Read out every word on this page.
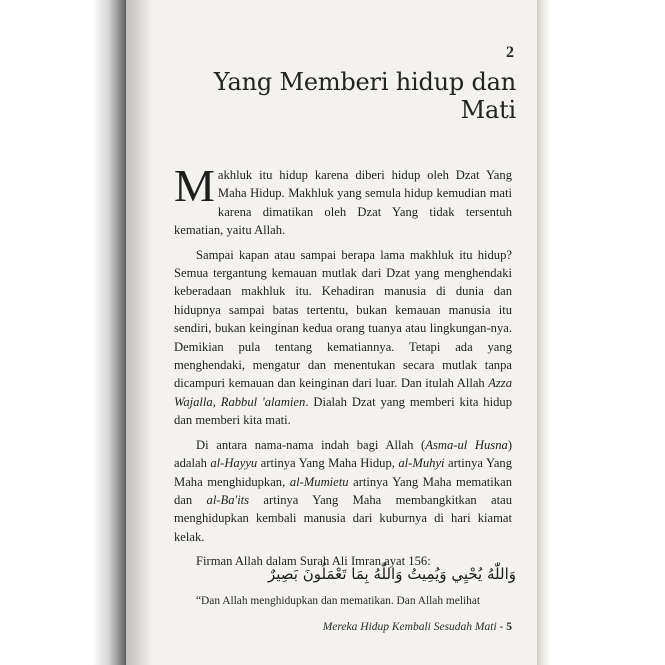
2
Yang Memberi hidup dan Mati

Makhluk itu hidup karena diberi hidup oleh Dzat Yang Maha Hidup. Makhluk yang semula hidup kemudian mati karena dimatikan oleh Dzat Yang tidak tersentuh kematian, yaitu Allah.

Sampai kapan atau sampai berapa lama makhluk itu hidup? Semua tergantung kemauan mutlak dari Dzat yang menghendaki keberadaan makhluk itu. Kehadiran manusia di dunia dan hidupnya sampai batas tertentu, bukan kemauan manusia itu sendiri, bukan keinginan kedua orang tuanya atau lingkungan-nya. Demikian pula tentang kematiannya. Tetapi ada yang menghendaki, mengatur dan menentukan secara mutlak tanpa dicampuri kemauan dan keinginan dari luar. Dan itulah Allah Azza Wajalla, Rabbul 'alamien. Dialah Dzat yang memberi kita hidup dan memberi kita mati.

Di antara nama-nama indah bagi Allah (Asma-ul Husna) adalah al-Hayyu artinya Yang Maha Hidup, al-Muhyi artinya Yang Maha menghidupkan, al-Mumietu artinya Yang Maha mematikan dan al-Ba'its artinya Yang Maha membangkitkan atau menghidupkan kembali manusia dari kuburnya di hari kiamat kelak.

Firman Allah dalam Surah Ali Imran ayat 156:

وَاللّٰهُ يُحْيِي وَيُمِيتُ وَاللّٰهُ بِمَا تَعْمَلُونَ بَصِيرٌ
“Dan Allah menghidupkan dan mematikan. Dan Allah melihat
Mereka Hidup Kembali Sesudah Mati - 5
